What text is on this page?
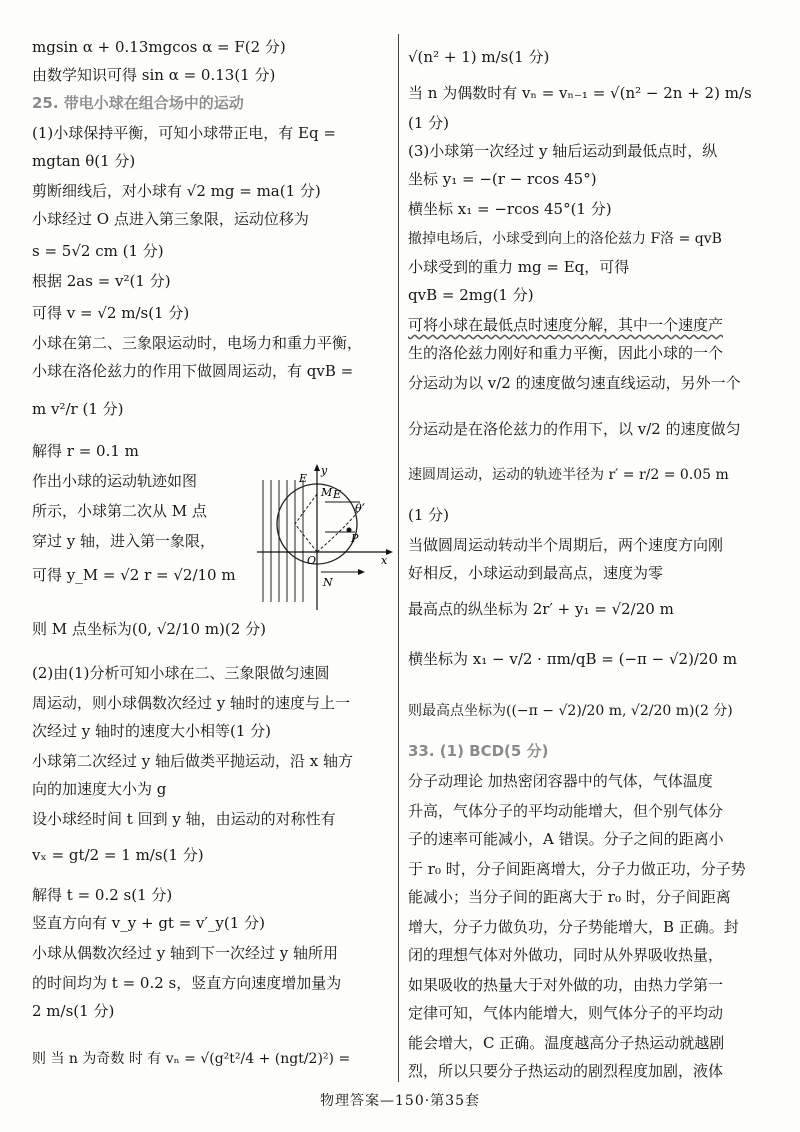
mgsin α + 0.13mgcos α = F(2 分)
由数学知识可得 sin α = 0.13(1 分)
25. 带电小球在组合场中的运动
(1)小球保持平衡，可知小球带正电，有 Eq =
mgtan θ(1 分)
剪断细线后，对小球有 √2 mg = ma(1 分)
小球经过 O 点进入第三象限，运动位移为
s = 5√2 cm (1 分)
根据 2as = v²(1 分)
可得 v = √2 m/s(1 分)
小球在第二、三象限运动时，电场力和重力平衡，
小球在洛伦兹力的作用下做圆周运动，有 qvB =
m v²/r (1 分)
解得 r = 0.1 m
作出小球的运动轨迹如图
所示，小球第二次从 M 点
穿过 y 轴，进入第一象限，
可得 y_M = √2 r = √2/10 m
则 M 点坐标为(0, √2/10 m)(2 分)
(2)由(1)分析可知小球在二、三象限做匀速圆
周运动，则小球偶数次经过 y 轴时的速度与上一
次经过 y 轴时的速度大小相等(1 分)
小球第二次经过 y 轴后做类平抛运动，沿 x 轴方
向的加速度大小为 g
设小球经时间 t 回到 y 轴，由运动的对称性有
vₓ = gt/2 = 1 m/s(1 分)
解得 t = 0.2 s(1 分)
竖直方向有 v_y + gt = v′_y(1 分)
小球从偶数次经过 y 轴到下一次经过 y 轴所用
的时间均为 t = 0.2 s，竖直方向速度增加量为
2 m/s(1 分)
则 当 n 为奇数 时 有 vₙ = √(g²t²/4 + (ngt/2)²) =
√(n² + 1) m/s(1 分)
当 n 为偶数时有 vₙ = vₙ₋₁ = √(n² − 2n + 2) m/s
(1 分)
(3)小球第一次经过 y 轴后运动到最低点时，纵
坐标 y₁ = −(r − rcos 45°)
横坐标 x₁ = −rcos 45°(1 分)
撤掉电场后，小球受到向上的洛伦兹力 F洛 = qvB
小球受到的重力 mg = Eq，可得
qvB = 2mg(1 分)
可将小球在最低点时速度分解，其中一个速度产
生的洛伦兹力刚好和重力平衡，因此小球的一个
分运动为以 v/2 的速度做匀速直线运动，另外一个
分运动是在洛伦兹力的作用下，以 v/2 的速度做匀
速圆周运动，运动的轨迹半径为 r′ = r/2 = 0.05 m
(1 分)
当做圆周运动转动半个周期后，两个速度方向刚
好相反，小球运动到最高点，速度为零
最高点的纵坐标为 2r′ + y₁ = √2/20 m
横坐标为 x₁ − v/2 · πm/qB = (−π − √2)/20 m
则最高点坐标为((−π − √2)/20 m, √2/20 m)(2 分)
33. (1) BCD(5 分)
分子动理论 加热密闭容器中的气体，气体温度
升高，气体分子的平均动能增大，但个别气体分
子的速率可能减小，A 错误。分子之间的距离小
于 r₀ 时，分子间距离增大，分子力做正功，分子势
能减小；当分子间的距离大于 r₀ 时，分子间距离
增大，分子力做负功，分子势能增大，B 正确。封
闭的理想气体对外做功，同时从外界吸收热量，
如果吸收的热量大于对外做的功，由热力学第一
定律可知，气体内能增大，则气体分子的平均动
能会增大，C 正确。温度越高分子热运动就越剧
烈，所以只要分子热运动的剧烈程度加剧，液体
y
M
E
E
θ
P
O	x
N
物理答案—150·第35套
